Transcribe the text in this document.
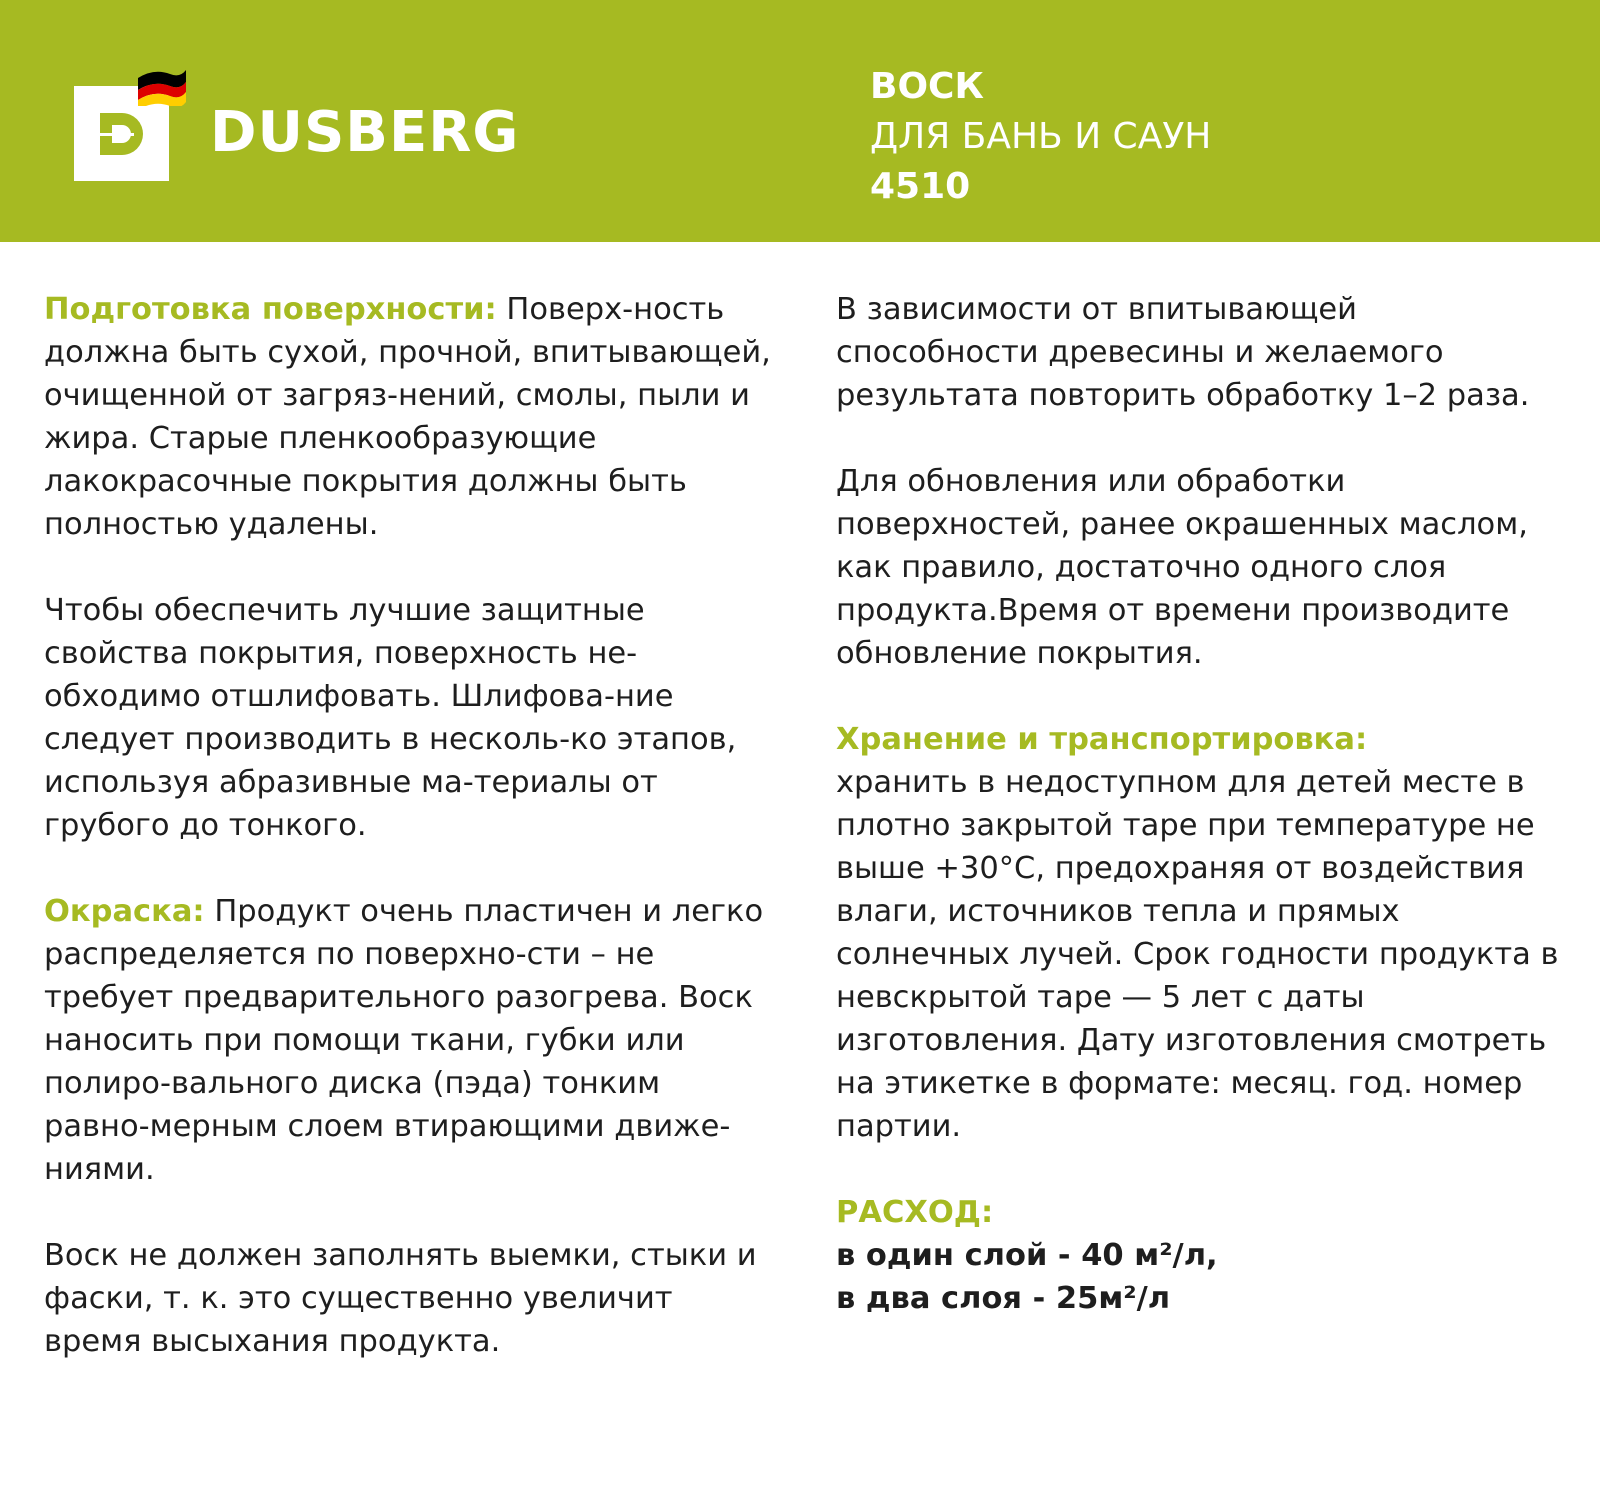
DUSBERG
ВОСК
ДЛЯ БАНЬ И САУН
4510

Подготовка поверхности: Поверх-ность должна быть сухой, прочной, впитывающей, очищенной от загряз-нений, смолы, пыли и жира. Старые пленкообразующие лакокрасочные покрытия должны быть полностью удалены.

Чтобы обеспечить лучшие защитные свойства покрытия, поверхность не-обходимо отшлифовать. Шлифова-ние следует производить в несколь-ко этапов, используя абразивные ма-териалы от грубого до тонкого.

Окраска: Продукт очень пластичен и легко распределяется по поверхно-сти – не требует предварительного разогрева. Воск наносить при помощи ткани, губки или полиро-вального диска (пэда) тонким равно-мерным слоем втирающими движе-ниями.

Воск не должен заполнять выемки, стыки и фаски, т. к. это существенно увеличит время высыхания продукта.

В зависимости от впитывающей способности древесины и желаемого результата повторить обработку 1–2 раза.

Для обновления или обработки поверхностей, ранее окрашенных маслом, как правило, достаточно одного слоя продукта.Время от времени производите обновление покрытия.

Хранение и транспортировка:
хранить в недоступном для детей месте в плотно закрытой таре при температуре не выше +30°С, предохраняя от воздействия влаги, источников тепла и прямых солнечных лучей. Срок годности продукта в невскрытой таре — 5 лет с даты изготовления. Дату изготовления смотреть на этикетке в формате: месяц. год. номер партии.

РАСХОД:
в один слой - 40 м²/л,
в два слоя - 25м²/л
